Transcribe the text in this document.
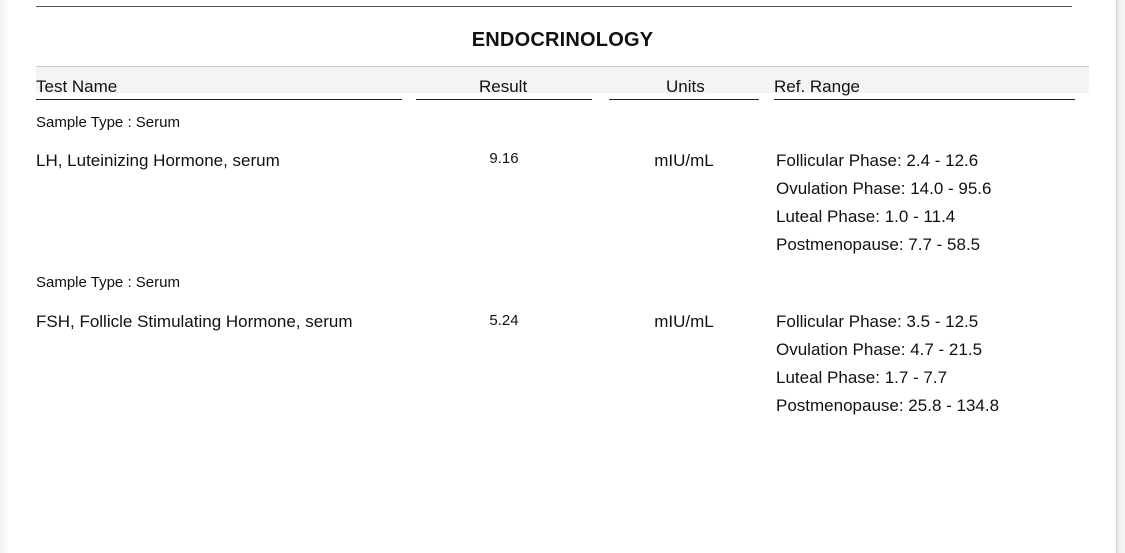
ENDOCRINOLOGY
Test Name	Result	Units	Ref. Range
Sample Type : Serum
LH, Luteinizing Hormone, serum	9.16	mIU/mL	Follicular Phase: 2.4 - 12.6
Ovulation Phase: 14.0 - 95.6
Luteal Phase: 1.0 - 11.4
Postmenopause: 7.7 - 58.5
Sample Type : Serum
FSH, Follicle Stimulating Hormone, serum	5.24	mIU/mL	Follicular Phase: 3.5 - 12.5
Ovulation Phase: 4.7 - 21.5
Luteal Phase: 1.7 - 7.7
Postmenopause: 25.8 - 134.8
